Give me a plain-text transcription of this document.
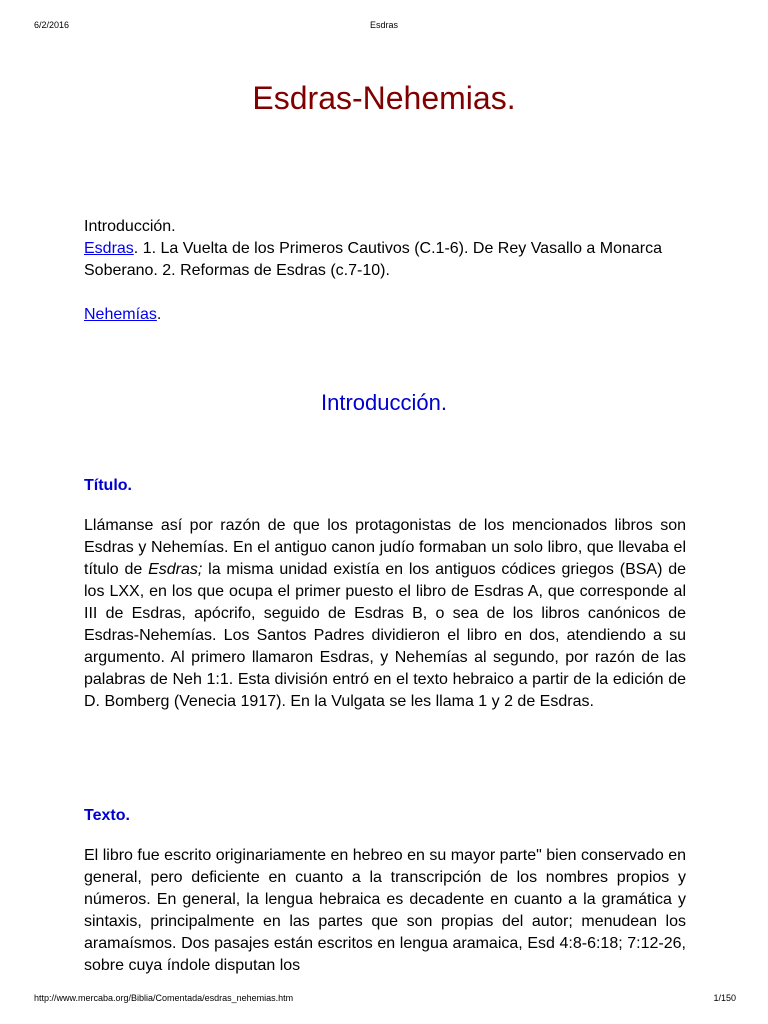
6/2/2016	Esdras
Esdras-Nehemias.

Introducción.

Esdras. 1. La Vuelta de los Primeros Cautivos (C.1-6). De Rey Vasallo a Monarca Soberano. 2. Reformas de Esdras (c.7-10).

Nehemías.

Introducción.
Título.

Llámanse así por razón de que los protagonistas de los mencionados libros son Esdras y Nehemías. En el antiguo canon judío formaban un solo libro, que llevaba el título de Esdras; la misma unidad existía en los antiguos códices griegos (BSA) de los LXX, en los que ocupa el primer puesto el libro de Esdras A, que corresponde al III de Esdras, apócrifo, seguido de Esdras B, o sea de los libros canónicos de Esdras-Nehemías. Los Santos Padres dividieron el libro en dos, atendiendo a su argumento. Al primero llamaron Esdras, y Nehemías al segundo, por razón de las palabras de Neh 1:1. Esta división entró en el texto hebraico a partir de la edición de D. Bomberg (Venecia 1917). En la Vulgata se les llama 1 y 2 de Esdras.

Texto.

El libro fue escrito originariamente en hebreo en su mayor parte" bien conservado en general, pero deficiente en cuanto a la transcripción de los nombres propios y números. En general, la lengua hebraica es decadente en cuanto a la gramática y sintaxis, principalmente en las partes que son propias del autor; menudean los aramaísmos. Dos pasajes están escritos en lengua aramaica, Esd 4:8-6:18; 7:12-26, sobre cuya índole disputan los

http://www.mercaba.org/Biblia/Comentada/esdras_nehemias.htm	1/150
